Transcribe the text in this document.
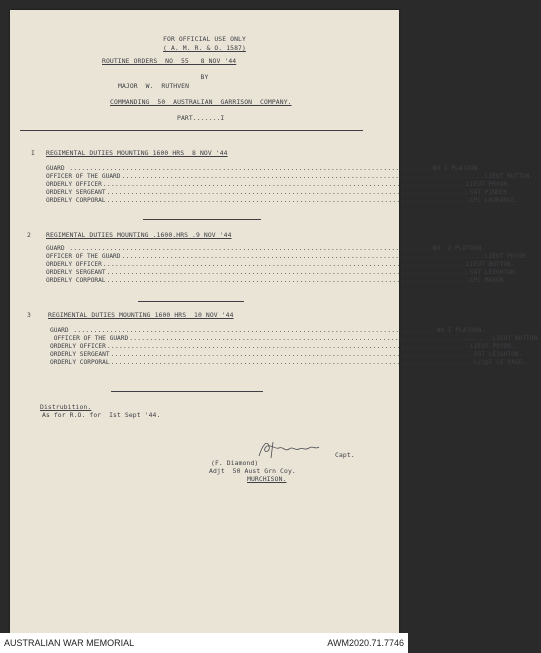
FOR OFFICIAL USE ONLY
( A. M. R. & O. 1587)
ROUTINE ORDERS  NO  55   8 NOV '44
BY
MAJOR  W.  RUTHVEN
COMMANDING  50  AUSTRALIAN  GARRISON  COMPANY.
PART.......I
I REGIMENTAL DUTIES MOUNTING 1600 HRS  8 NOV '44
GUARD .......................................................................................... NO I PLATOON.
OFFICER OF THE GUARD .......................................................................................... LIEUT BUTTON.
ORDERLY OFFICER .......................................................................................... LIEUT PRYOR.
ORDERLY SERGEANT .......................................................................................... SGT PINDER.
ORDERLY CORPORAL .......................................................................................... CPL LAURANCE.
2 REGIMENTAL DUTIES MOUNTING .1600.HRS .9 NOV '44
GUARD .......................................................................................... NO  2 PLATOON.
OFFICER OF THE GUARD .......................................................................................... LIEUT PRYOR.
ORDERLY OFFICER .......................................................................................... LIEUT BUTTON.
ORDERLY SERGEANT .......................................................................................... SGT LEIGHTON.
ORDERLY CORPORAL .......................................................................................... CPL MASON.
3	REGIMENTAL DUTIES MOUNTING 1600 HRS  10 NOV '44
GUARD .......................................................................................... NO I PLATOON.
OFFICER OF THE GUARD .......................................................................................... LIEUT BUTTON.
ORDERLY OFFICER .......................................................................................... LIEUT PRYOR.
ORDERLY SERGEANT .......................................................................................... SGT LEIGHTON.
ORDERLY CORPORAL .......................................................................................... L/cpl LE PAGE.
Distrubition.
As for R.O. for  Ist Sept '44.
Capt.
(F. Diamond)
Adjt  50 Aust Grn Coy.
MURCHISON.
AUSTRALIAN WAR MEMORIAL	AWM2020.71.7746
